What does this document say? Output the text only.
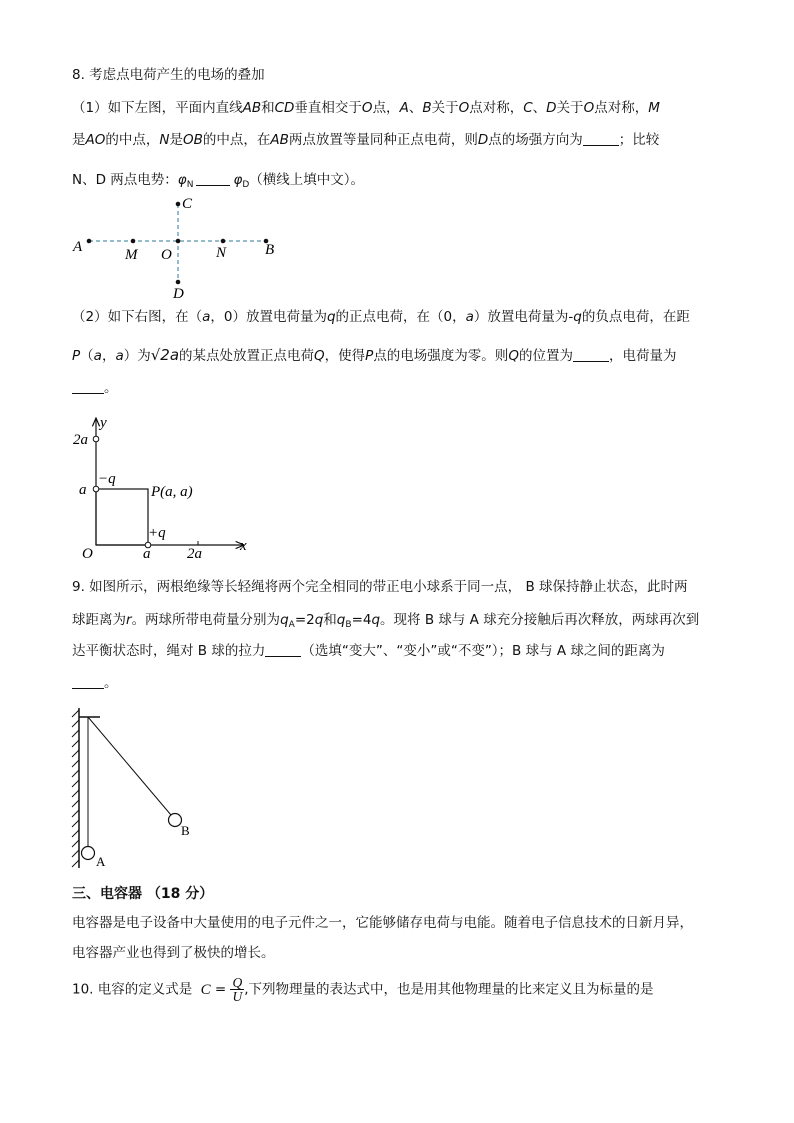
8. 考虑点电荷产生的电场的叠加
（1）如下左图，平面内直线AB和CD垂直相交于O点，A、B关于O点对称，C、D关于O点对称，M
是AO的中点，N是OB的中点，在AB两点放置等量同种正点电荷，则D点的场强方向为	；比较
N、D 两点电势：$\varphi_N$	$\varphi_D$（横线上填中文）。
C
A	M O	N	B
D
（2）如下右图，在（a，0）放置电荷量为q的正点电荷，在（0，a）放置电荷量为-q的负点电荷，在距
P（a，a）为√2a的某点处放置正点电荷Q，使得P点的电场强度为零。则Q的位置为	，电荷量为
。
y
x
2a
a
−q
P(a, a)
+q
O	a 2a
9. 如图所示，两根绝缘等长轻绳将两个完全相同的带正电小球系于同一点， B 球保持静止状态，此时两
球距离为r。两球所带电荷量分别为$q_A=2q$和$q_B=4q$。现将 B 球与 A 球充分接触后再次释放，两球再次到
达平衡状态时，绳对 B 球的拉力	（选填“变大”、“变小”或“不变”）；B 球与 A 球之间的距离为
。
B
A
三、电容器 （18 分）
电容器是电子设备中大量使用的电子元件之一，它能够储存电荷与电能。随着电子信息技术的日新月异，
电容器产业也得到了极快的增长。
10. 电容的定义式是 $C = \frac{Q}{U}$ ,下列物理量的表达式中，也是用其他物理量的比来定义且为标量的是
